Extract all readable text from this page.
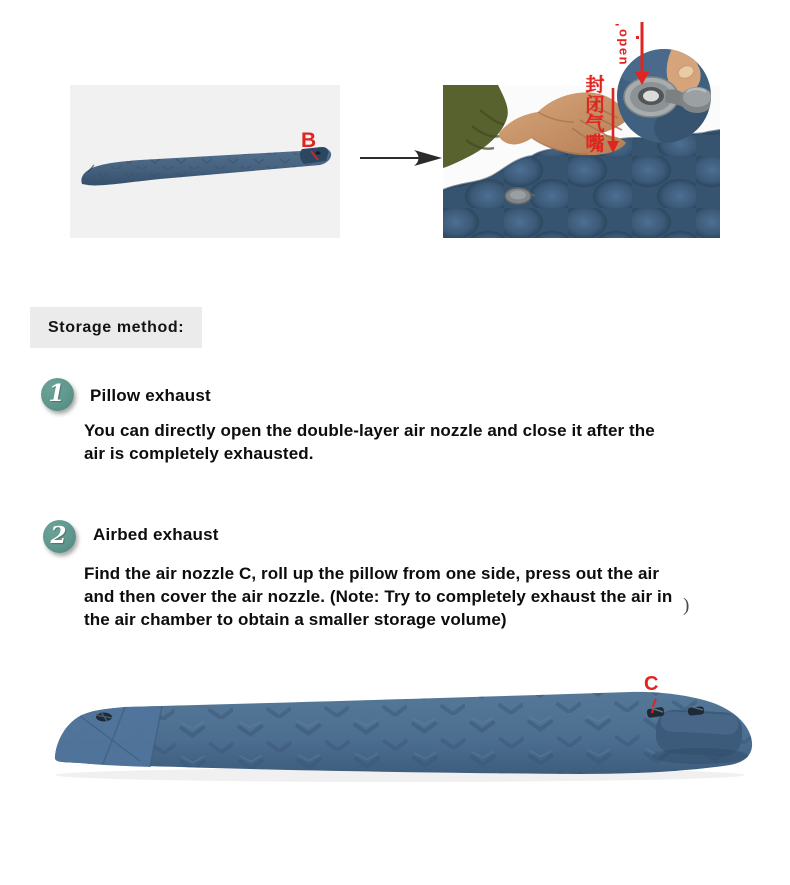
B
-
open
封
闭
气
嘴
Storage method:
1 Pillow exhaust
You can directly open the double-layer air nozzle and close it after the
air is completely exhausted.
2 Airbed exhaust
Find the air nozzle C, roll up the pillow from one side, press out the air
and then cover the air nozzle. (Note: Try to completely exhaust the air in
the air chamber to obtain a smaller storage volume)
)
C
